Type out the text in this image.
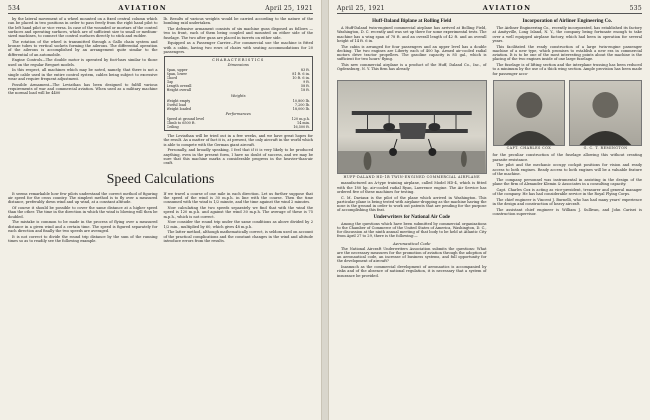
534	AVIATION	April 25, 1921

by the lateral movement of a wheel mounted on a fixed central column which can be placed in two positions in order to pass freely from the right hand pilot to the left hand pilot or vice versa. In case of the wounded or mortars of the control surfaces and operating surfaces, which are of sufficient size to small or medium-sized machines, to connect the control surfaces directly to stick and rudder.

The rotation of the wheel is transmitted through a Gallo chain system and bronze tubes to vertical sockets forming the ailerons. The differential operation of the ailerons is accomplished by an arrangement quite similar to the differential of an automobile.

Engine Controls—The double motor is operated by foot-bars similar to those used on the regular Breguet models.

In this respect, all machines which may be noted, namely, that there is not a single cable used in the entire control system, cables being subject to excessive wear and require frequent adjustment.

Possible Armament—The Leviathan has been designed to fulfill various requirements of war and commercial aviation. When used as a military machine the normal load will be 4400

lb. Results of various weights would be carried according to the nature of the bombing raid undertaken.

The defensive armament consists of six machine guns disposed as follows — two in front, each of them being coupled and mounted on either side of the fuselage. The two after guns are placed in turrets on either side.

Equipped as a Passenger Carrier—For commercial use the machine is fitted with a cabin, having two rows of chairs with seating accommodations for 20 passengers.

CHARACTERISTICS
Dimensions
Span, upper	83 ft.
Span, lower	81 ft. 6 in.
Chord	10 ft. 6 in.
Gap	9 ft.
Length overall	58 ft.
Height overall	18 ft.
Weights
Weight empty	10,800 lb.
Useful load	7,200 lb.
Weight loaded	18,000 lb.
Performances
Speed at ground level	120 m.p.h.
Climb to 6500 ft.	14 min.
Ceiling	16,500 ft.

The Leviathan will be tried out in a few weeks, and we have great hopes for the result. As a matter of fact it is, at present, the only aircraft in the world which is able to compete with the German giant aircraft.

Personally, and broadly speaking, I feel that if it is very likely to be produced anything, even in the present form, I have no doubt of success, and we may be sure that this machine marks a considerable progress in the heavier-than-air craft.

Speed Calculations

It seems remarkable how few pilots understand the correct method of figuring air speed for the cross country. The simplest method is to fly over a measured distance, preferably down wind and up wind, at a constant altitude.

Of course it should be possible to cover the same distance at a higher speed than the other. The time in the direction in which the wind is blowing will then be doubled.

The mistake is common to be made in the process of flying over a measured distance in a given wind and a certain time. The speed is figured separately for each direction and finally the two speeds are averaged.

It is not correct to divide the round trip distance by the sum of the running times so as to readily see the following example.

If we travel a course of one mile in each direction. Let us further suppose that the speed of the wind is 30 m.p.h. in line with the course. Then the time consumed with the wind is 1/2 minute, and the time against the wind 2 minutes.

Now calculating the two speeds separately we find that with the wind the speed is 120 m.p.h. and against the wind 30 m.p.h. The average of these is 75 m.p.h., which is not correct.

Now consider the round trip under the same conditions as above divided by 2 1/2 min., multiplied by 60, which gives 48 m.p.h.

The latter method, although mathematically correct, is seldom used on account of the practical complications and the constant changes in the wind and altitude introduce errors from the results.

April 25, 1921	AVIATION	535
Huff-Daland Biplane at Rolling Field

A Huff-Daland twin-engined commercial airplane has arrived at Bolling Field, Washington, D. C. recently and was set up there for some experimental tests. The machine has a wing span of 78 ft. and an overall length of 42 ft. and an overall height of 14 ft. 6 in.

The cabin is arranged for four passengers and an upper level has a double decking. The two engines are Liberty each of 400 hp. Armed air-cooled radial motors drive tractor propellers. The gasoline capacity is 85 gal., which is sufficient for two hours' flying.

This new commercial airplane is a product of the Huff, Daland Co., Inc., of Ogdensburg, N. Y. This firm has already

Incorporation of Airliner Engineering Co.

The Airliner Engineering Co., recently incorporated, has established its factory at Amityville, Long Island, N. Y., the company being fortunate enough to take over a well equipped airplane factory, which had been in operation for several years.

This facilitated the ready construction of a large twin-engine passenger machine of a new type, which promises to establish a new era in commercial aviation. It is to be one of the most interesting points about the machine is the placing of the two engines inside of one large fuselage.

The fuselage is of lifting section and the interplane trussing has been reduced to a minimum by the use of a thick wing section. Ample provision has been made for passenger acco-

HUFF-DALAND HD-1B TWIN-ENGINED COMMERCIAL AIRPLANE

manufactured an A-type training airplane, called Model HD-4, which is fitted with the 180 hp. air-cooled radial Ryan, Lawrence engine. The Air Service has ordered five of these machines for testing.

C. M. Daviaux is the pilot of the plane which arrived in Washington. This particular plane is being tested with airplane-dropping as the machine having the nose is the ground in order to work out patents that are pending for the purpose of accomplishing this feat.

Underwriters for National Air Code

Among the questions which have been submitted by commercial organizations to the Chamber of Commerce of the United States of America, Washington, D. C., for discussion at the ninth annual meeting of that body to be held at Atlantic City from April 27 to 29, there is the following:—

Aeronautical Code

The National Aircraft Underwriters Association submits the questions: What are the necessary measures for the promotion of aviation through the adoption of an aeronautical code, an increase of business systems, and full opportunity for the development of aircraft?

Inasmuch as the commercial development of aeronautics is accompanied by risks and of the absence of national regulation, it is necessary that a system of insurance be provided.

CAPT. CHARLES COX	G. C. T. REMINGTON

for the peculiar construction of the fuselage allowing this without creating parasite resistance.

The pilot and the mechanic occupy cockpit positions for vision and ready access to both engines. Ready access to both engines will be a valuable feature of the machine.

The company personnel was instrumental in assisting in the design of the plane the firm of Alexander Klemin & Associates in a consulting capacity.

Capt. Charles Cox is acting as vice-president, treasurer and general manager of the company. He has had considerable service in the Royal Flying Corps.

The chief engineer is Vincent J. Burnelli, who has had many years' experience in the design and construction of heavy aircraft.

The assistant chief engineer is William J. Sullivan, and John Carisei is construction supervisor.
